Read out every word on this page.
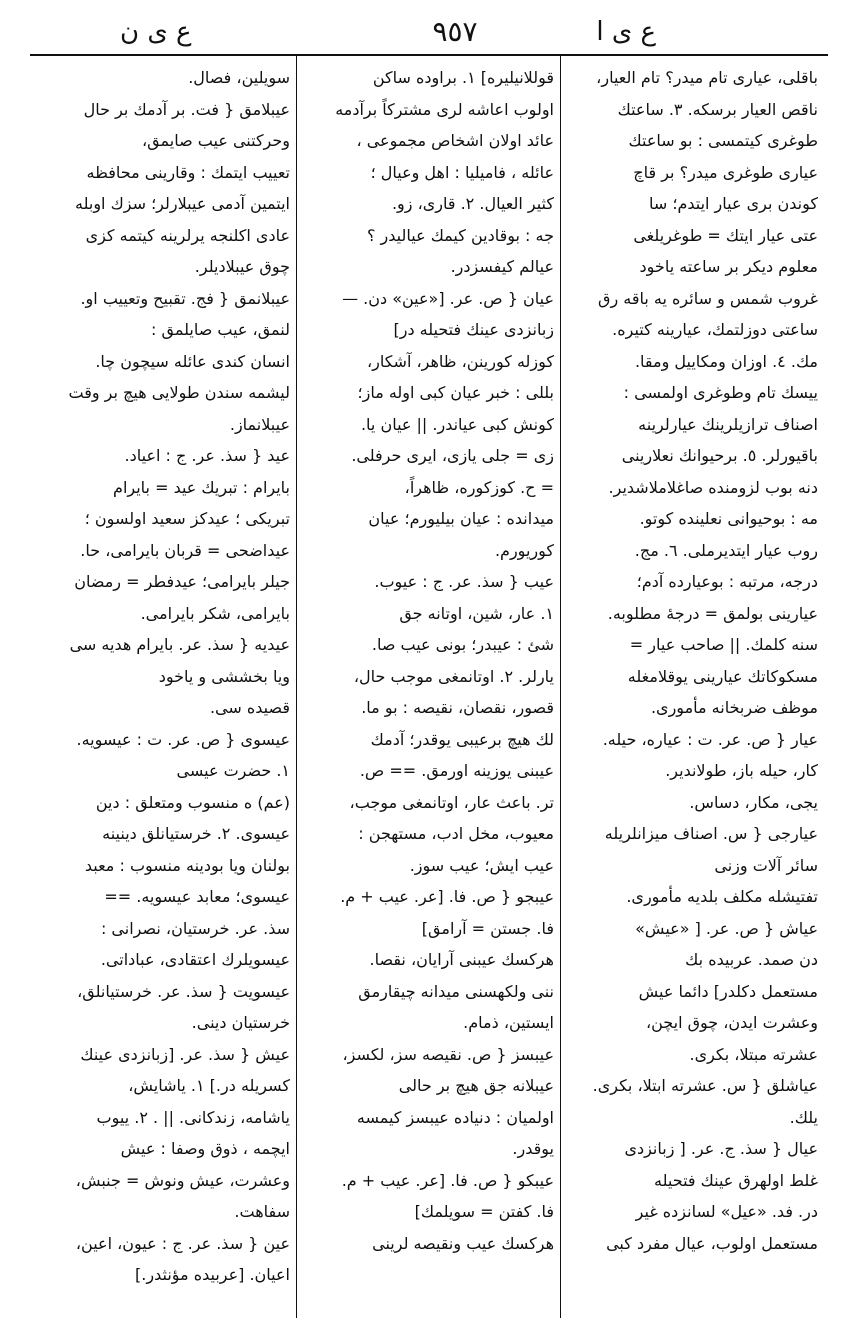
ع ی ا
٩٥٧
ع ی ن
باقلى، عيارى تام ميدر؟ تام العيار،
ناقص العيار برسكه. ٣. ساعتك
طوغرى كيتمسى : بو ساعتك
عيارى طوغرى ميدر؟ بر قاچ
كوندن برى عيار ايتدم؛ سا
عتى عيار ايتك = طوغريلغى
معلوم ديكر بر ساعته ياخود
غروب شمس و سائره يه باقه رق
ساعتى دوزلتمك، عيارينه كتيره.
مك. ٤. اوزان ومكاييل ومقا.
ييسك تام وطوغرى اولمسى :
اصناف ترازيلرينك عيارلرينه
باقيورلر. ٥. برحيوانك نعلارينى
دنه بوب لزومنده صاغلاملاشدير.
مه : بوحيوانى نعلينده كوتو.
روب عيار ايتديرملى. ٦. مج.
درجه، مرتبه : بوعيارده آدم؛
عيارينى بولمق = درجهٔ مطلوبه.
سنه كلمك. || صاحب عيار =
مسكوكاتك عيارينى يوقلامغله
موظف ضربخانه مأمورى.
عيار { ص. عر. ت : عياره، حيله.
كار، حيله باز، طولاندير.
يجى، مكار، دساس.
عيارجى { س. اصناف ميزانلريله
سائر آلات وزنى
تفتيشله مكلف بلديه مأمورى.
عياش { ص. عر. [ «عيش»
دن صمد. عربيده بك
مستعمل دكلدر] دائما عيش
وعشرت ايدن، چوق ايچن،
عشرته مبتلا، بكرى.
عياشلق { س. عشرته ابتلا، بكرى.
يلك.
عيال { سذ. ج. عر. [ زبانزدى
غلط اولهرق عينك فتحيله
در. فد. «عيل» لسانزده غير
مستعمل اولوب، عيال مفرد كبى
قوللانيليره] ١. براوده ساكن
اولوب اعاشه لرى مشتركاً برآدمه
عائد اولان اشخاص مجموعى ،
عائله ، فاميليا : اهل وعيال ؛
كثير العيال. ٢. قارى، زو.
جه : بوقادين كيمك عياليدر ؟
عيالم كيفسزدر.
عيان { ص. عر. [«عين» دن. —
زبانزدى عينك فتحيله در]
كوزله كورينن، ظاهر، آشكار،
بللى : خبر عيان كبى اوله ماز؛
كونش كبى عياندر. || عيان يا.
زى = جلى يازى، ايرى حرفلى.
= ح. كوزكوره، ظاهراً،
ميدانده : عيان بيليورم؛ عيان
كوريورم.
عيب { سذ. عر. ج : عيوب.
١. عار، شين، اوتانه جق
شئ : عيبدر؛ بونى عيب صا.
يارلر. ٢. اوتانمغى موجب حال،
قصور، نقصان، نقيصه : بو ما.
لك هيچ برعيبى يوقدر؛ آدمك
عيبنى يوزينه اورمق. == ص.
تر. باعث عار، اوتانمغى موجب،
معيوب، مخل ادب، مستهجن :
عيب ايش؛ عيب سوز.
عيبجو { ص. فا. [عر. عيب + م.
فا. جستن = آرامق]
هركسك عيبنى آرايان، نقصا.
ننى ولكهسنى ميدانه چيقارمق
ايستين، ذمام.
عيبسز { ص. نقيصه سز، لكسز،
عيبلانه جق هيچ بر حالى
اولميان : دنياده عيبسز كيمسه
يوقدر.
عيبكو { ص. فا. [عر. عيب + م.
فا. كفتن = سويلمك]
هركسك عيب ونقيصه لرينى
سويلين، فصال.
عيبلامق { فت. بر آدمك بر حال
وحركتنى عيب صايمق،
تعييب ايتمك : وقارينى محافظه
ايتمين آدمى عيبلارلر؛ سزك اوبله
عادى اكلنجه يرلرينه كيتمه كزى
چوق عيبلاديلر.
عيبلانمق { فج. تقبيح وتعييب او.
لنمق، عيب صايلمق :
انسان كندى عائله سيچون چا.
ليشمه سندن طولايى هيچ بر وقت
عيبلانماز.
عيد { سذ. عر. ج : اعياد.
بايرام : تبريك عيد = بايرام
تبريكى ؛ عيدكز سعيد اولسون ؛
عيداضحى = قربان بايرامى، حا.
جيلر بايرامى؛ عيدفطر = رمضان
بايرامى، شكر بايرامى.
عيديه { سذ. عر. بايرام هديه سى
ويا بخششى و ياخود
قصيده سى.
عيسوى { ص. عر. ت : عيسويه.
١. حضرت عيسى
(عم) ه منسوب ومتعلق : دين
عيسوى. ٢. خرستيانلق دينينه
بولنان ويا بودينه منسوب : معبد
عيسوى؛ معابد عيسويه. ==
سذ. عر. خرستيان، نصرانى :
عيسويلرك اعتقادى، عباداتى.
عيسويت { سذ. عر. خرستيانلق،
خرستيان دينى.
عيش { سذ. عر. [زبانزدى عينك
كسريله در.] ١. ياشايش،
ياشامه، زندكانى. || . ٢. ييوب
ايچمه ، ذوق وصفا : عيش
وعشرت، عيش ونوش = جنبش،
سفاهت.
عين { سذ. عر. ج : عيون، اعين،
اعيان. [عربيده مؤنثدر.]
